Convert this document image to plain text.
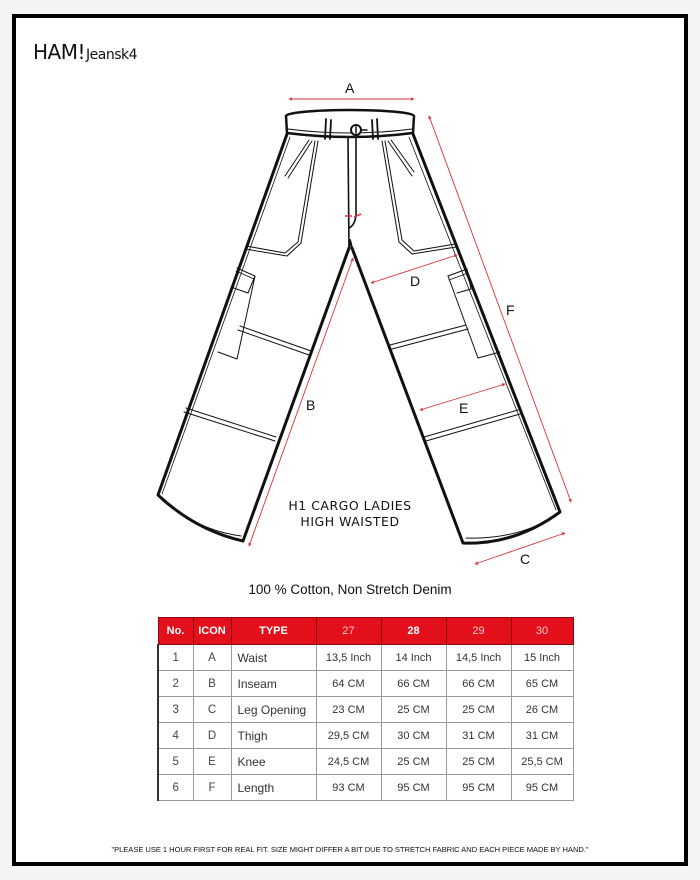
HAM!Jeansk4
A
B
C
D
E
F
H1 CARGO LADIES
HIGH WAISTED
100 % Cotton, Non Stretch Denim
No.	ICON	TYPE	27	28	29	30
1	A	Waist	13,5 Inch	14 Inch	14,5 Inch	15 Inch
2	B	Inseam	64 CM	66 CM	66 CM	65 CM
3	C	Leg Opening	23 CM	25 CM	25 CM	26 CM
4	D	Thigh	29,5 CM	30 CM	31 CM	31 CM
5	E	Knee	24,5 CM	25 CM	25 CM	25,5 CM
6	F	Length	93 CM	95 CM	95 CM	95 CM
"PLEASE USE 1 HOUR FIRST FOR REAL FIT. SIZE MIGHT DIFFER A BIT DUE TO STRETCH FABRIC AND EACH PIECE MADE BY HAND."
